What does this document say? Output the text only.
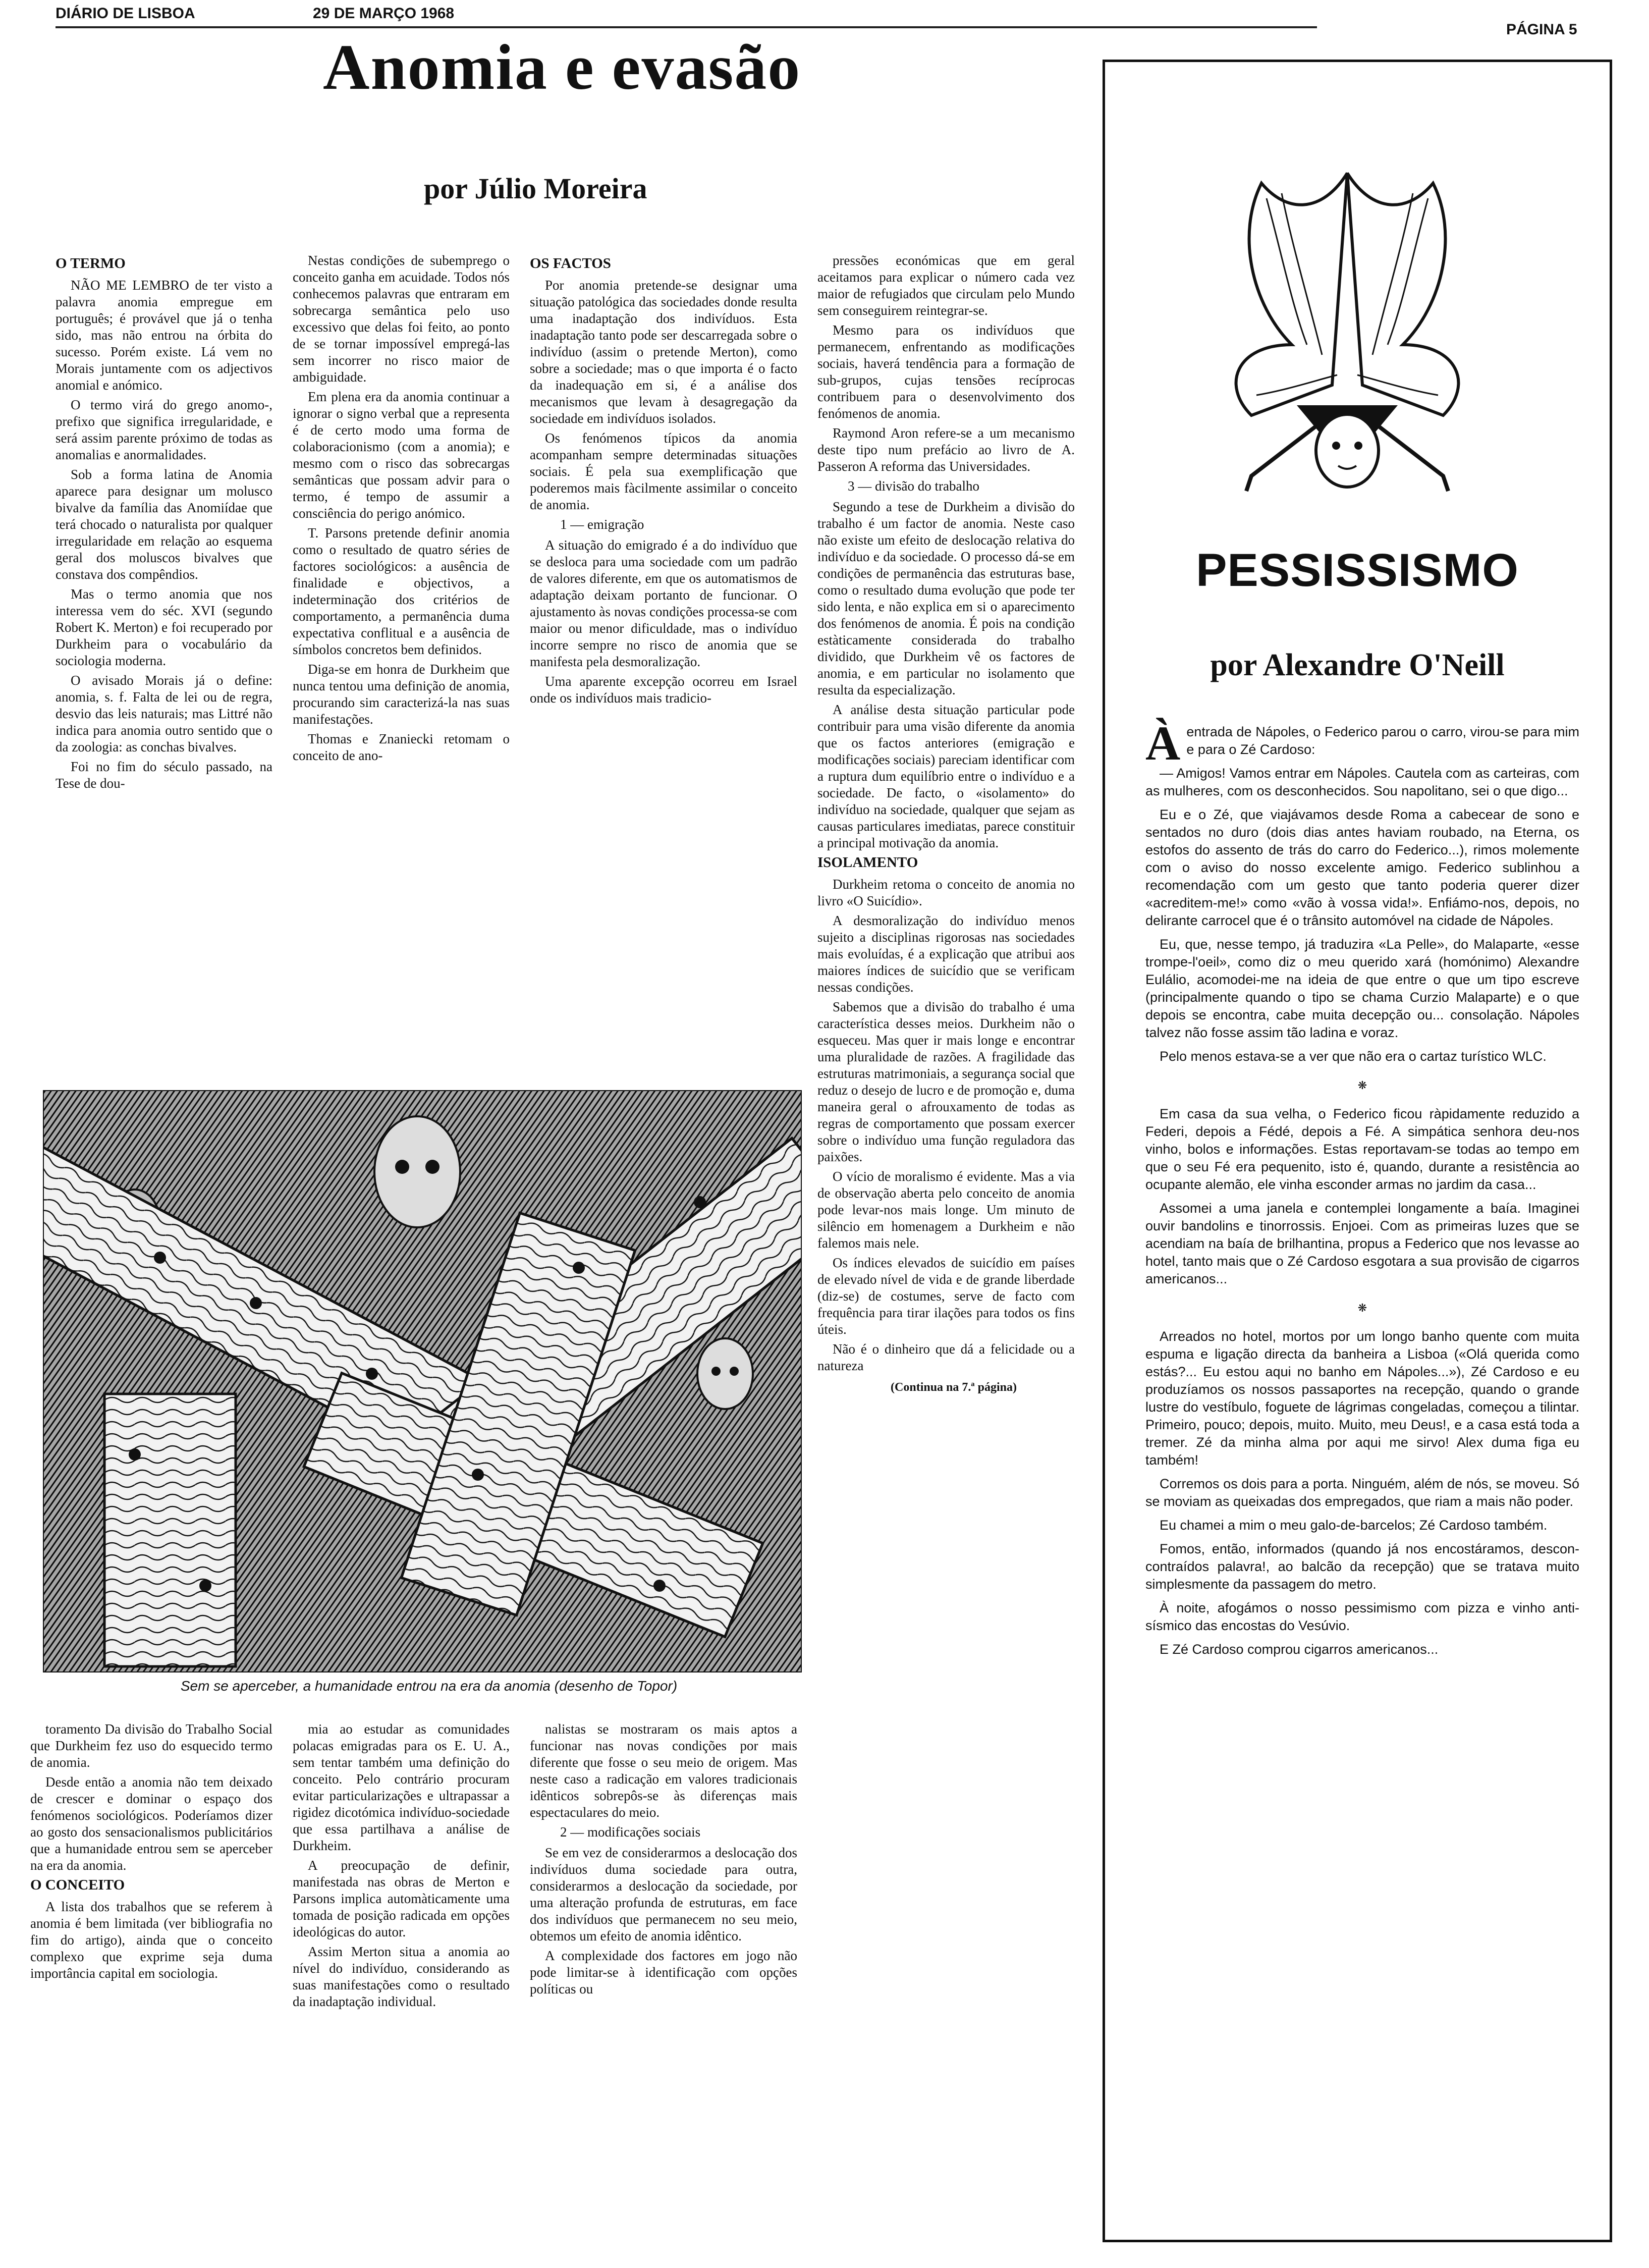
DIÁRIO DE LISBOA	29 DE MARÇO 1968
PÁGINA 5
Anomia e evasão
por Júlio Moreira
O TERMO

NÃO ME LEMBRO de ter visto a palavra anomia empregue em português; é provável que já o tenha sido, mas não entrou na órbita do sucesso. Porém existe. Lá vem no Morais juntamente com os adjectivos anomial e anómico.

O termo virá do grego anomo-, prefixo que significa irregularidade, e será assim parente próximo de todas as anomalias e anormalidades.

Sob a forma latina de Anomia aparece para designar um molusco bivalve da família das Anomiídae que terá chocado o naturalista por qualquer irregularidade em relação ao esquema geral dos moluscos bivalves que constava dos compêndios.

Mas o termo anomia que nos interessa vem do séc. XVI (segundo Robert K. Merton) e foi recuperado por Durkheim para o vocabulário da sociologia moderna.

O avisado Morais já o define: anomia, s. f. Falta de lei ou de regra, desvio das leis naturais; mas Littré não indica para anomia outro sentido que o da zoologia: as conchas bivalves.

Foi no fim do século passado, na Tese de dou-

Nestas condições de subemprego o conceito ganha em acuidade. Todos nós conhecemos palavras que entraram em sobrecarga semântica pelo uso excessivo que delas foi feito, ao ponto de se tornar impossível empregá-las sem incorrer no risco maior de ambiguidade.

Em plena era da anomia continuar a ignorar o signo verbal que a representa é de certo modo uma forma de colaboracionismo (com a anomia); e mesmo com o risco das sobrecargas semânticas que possam advir para o termo, é tempo de assumir a consciência do perigo anómico.

T. Parsons pretende definir anomia como o resultado de quatro séries de factores sociológicos: a ausência de finalidade e objectivos, a indeterminação dos critérios de comportamento, a permanência duma expectativa conflitual e a ausência de símbolos concretos bem definidos.

Diga-se em honra de Durkheim que nunca tentou uma definição de anomia, procurando sim caracterizá-la nas suas manifestações.

Thomas e Znaniecki retomam o conceito de ano-

OS FACTOS

Por anomia pretende-se designar uma situação patológica das sociedades donde resulta uma inadaptação dos indivíduos. Esta inadaptação tanto pode ser descarregada sobre o indivíduo (assim o pretende Merton), como sobre a sociedade; mas o que importa é o facto da inadequação em si, é a análise dos mecanismos que levam à desagregação da sociedade em indivíduos isolados.

Os fenómenos típicos da anomia acompanham sempre determinadas situações sociais. É pela sua exemplificação que poderemos mais fàcilmente assimilar o conceito de anomia.

1 — emigração

A situação do emigrado é a do indivíduo que se desloca para uma sociedade com um padrão de valores diferente, em que os automatismos de adaptação deixam portanto de funcionar. O ajustamento às novas condições processa-se com maior ou menor dificuldade, mas o indivíduo incorre sempre no risco de anomia que se manifesta pela desmoralização.

Uma aparente excepção ocorreu em Israel onde os indivíduos mais tradicio-

pressões económicas que em geral aceitamos para explicar o número cada vez maior de refugiados que circulam pelo Mundo sem conseguirem reintegrar-se.

Mesmo para os indivíduos que permanecem, enfrentando as modificações sociais, haverá tendência para a formação de sub-grupos, cujas tensões recíprocas contribuem para o desenvolvimento dos fenómenos de anomia.

Raymond Aron refere-se a um mecanismo deste tipo num prefácio ao livro de A. Passeron A reforma das Universidades.

3 — divisão do trabalho

Segundo a tese de Durkheim a divisão do trabalho é um factor de anomia. Neste caso não existe um efeito de deslocação relativa do indivíduo e da sociedade. O processo dá-se em condições de permanência das estruturas base, como o resultado duma evolução que pode ter sido lenta, e não explica em si o aparecimento dos fenómenos de anomia. É pois na condição estàticamente considerada do trabalho dividido, que Durkheim vê os factores de anomia, e em particular no isolamento que resulta da especialização.

A análise desta situação particular pode contribuir para uma visão diferente da anomia que os factos anteriores (emigração e modificações sociais) pareciam identificar com a ruptura dum equilíbrio entre o indivíduo e a sociedade. De facto, o «isolamento» do indivíduo na sociedade, qualquer que sejam as causas particulares imediatas, parece constituir a principal motivação da anomia.

ISOLAMENTO

Durkheim retoma o conceito de anomia no livro «O Suicídio».

A desmoralização do indivíduo menos sujeito a disciplinas rigorosas nas sociedades mais evoluídas, é a explicação que atribui aos maiores índices de suicídio que se verificam nessas condições.

Sabemos que a divisão do trabalho é uma característica desses meios. Durkheim não o esqueceu. Mas quer ir mais longe e encontrar uma pluralidade de razões. A fragilidade das estruturas matrimoniais, a segurança social que reduz o desejo de lucro e de promoção e, duma maneira geral o afrouxamento de todas as regras de comportamento que possam exercer sobre o indivíduo uma função reguladora das paixões.

O vício de moralismo é evidente. Mas a via de observação aberta pelo conceito de anomia pode levar-nos mais longe. Um minuto de silêncio em homenagem a Durkheim e não falemos mais nele.

Os índices elevados de suicídio em países de elevado nível de vida e de grande liberdade (diz-se) de costumes, serve de facto com frequência para tirar ilações para todos os fins úteis.

Não é o dinheiro que dá a felicidade ou a natureza

(Continua na 7.ª página)

Sem se aperceber, a humanidade entrou na era da anomia (desenho de Topor)

toramento Da divisão do Trabalho Social que Durkheim fez uso do esquecido termo de anomia.

Desde então a anomia não tem deixado de crescer e dominar o espaço dos fenómenos sociológicos. Poderíamos dizer ao gosto dos sensacionalismos publicitários que a humanidade entrou sem se aperceber na era da anomia.

O CONCEITO

A lista dos trabalhos que se referem à anomia é bem limitada (ver bibliografia no fim do artigo), ainda que o conceito complexo que exprime seja duma importância capital em sociologia.

mia ao estudar as comunidades polacas emigradas para os E. U. A., sem tentar também uma definição do conceito. Pelo contrário procuram evitar particularizações e ultrapassar a rigidez dicotómica indivíduo-sociedade que essa partilhava a análise de Durkheim.

A preocupação de definir, manifestada nas obras de Merton e Parsons implica automàticamente uma tomada de posição radicada em opções ideológicas do autor.

Assim Merton situa a anomia ao nível do indivíduo, considerando as suas manifestações como o resultado da inadaptação individual.

nalistas se mostraram os mais aptos a funcionar nas novas condições por mais diferente que fosse o seu meio de origem. Mas neste caso a radicação em valores tradicionais idênticos sobrepôs-se às diferenças mais espectaculares do meio.

2 — modificações sociais

Se em vez de considerarmos a deslocação dos indivíduos duma sociedade para outra, considerarmos a deslocação da sociedade, por uma alteração profunda de estruturas, em face dos indivíduos que permanecem no seu meio, obtemos um efeito de anomia idêntico.

A complexidade dos factores em jogo não pode limitar-se à identificação com opções políticas ou

PESSISSISMO
por Alexandre O'Neill

Àentrada de Nápoles, o Federico parou o carro, virou-se para mim e para o Zé Cardoso:

— Amigos! Vamos entrar em Nápoles. Cautela com as carteiras, com as mulheres, com os desconhecidos. Sou napolitano, sei o que digo...

Eu e o Zé, que viajávamos desde Roma a cabecear de sono e sentados no duro (dois dias antes haviam roubado, na Eterna, os estofos do assento de trás do carro do Federico...), rimos molemente com o aviso do nosso excelente amigo. Federico sublinhou a recomendação com um gesto que tanto poderia querer dizer «acreditem-me!» como «vão à vossa vida!». Enfiámo-nos, depois, no delirante carrocel que é o trânsito automóvel na cidade de Nápoles.

Eu, que, nesse tempo, já traduzira «La Pelle», do Malaparte, «esse trompe-l'oeil», como diz o meu querido xará (homónimo) Alexandre Eulálio, acomodei-me na ideia de que entre o que um tipo escreve (principalmente quando o tipo se chama Curzio Malaparte) e o que depois se encontra, cabe muita decepção ou... consolação. Nápoles talvez não fosse assim tão ladina e voraz.

Pelo menos estava-se a ver que não era o cartaz turístico WLC.

❋

Em casa da sua velha, o Federico ficou ràpidamente reduzido a Federi, depois a Fédé, depois a Fé. A simpática senhora deu-nos vinho, bolos e informações. Estas reportavam-se todas ao tempo em que o seu Fé era pequenito, isto é, quando, durante a resistência ao ocupante alemão, ele vinha esconder armas no jardim da casa...

Assomei a uma janela e contemplei longamente a baía. Imaginei ouvir bandolins e tinorrossis. Enjoei. Com as primeiras luzes que se acendiam na baía de brilhantina, propus a Federico que nos levasse ao hotel, tanto mais que o Zé Cardoso esgotara a sua provisão de cigarros americanos...

❋

Arreados no hotel, mortos por um longo banho quente com muita espuma e ligação directa da banheira a Lisboa («Olá querida como estás?... Eu estou aqui no banho em Nápoles...»), Zé Cardoso e eu produzíamos os nossos passaportes na recepção, quando o grande lustre do vestíbulo, foguete de lágrimas congeladas, começou a tilintar. Primeiro, pouco; depois, muito. Muito, meu Deus!, e a casa está toda a tremer. Zé da minha alma por aqui me sirvo! Alex duma figa eu também!

Corremos os dois para a porta. Ninguém, além de nós, se moveu. Só se moviam as queixadas dos empregados, que riam a mais não poder.

Eu chamei a mim o meu galo-de-barcelos; Zé Cardoso também.

Fomos, então, informados (quando já nos encostáramos, descon-contraídos palavra!, ao balcão da recepção) que se tratava muito simplesmente da passagem do metro.

À noite, afogámos o nosso pessimismo com pizza e vinho anti-sísmico das encostas do Vesúvio.

E Zé Cardoso comprou cigarros americanos...
